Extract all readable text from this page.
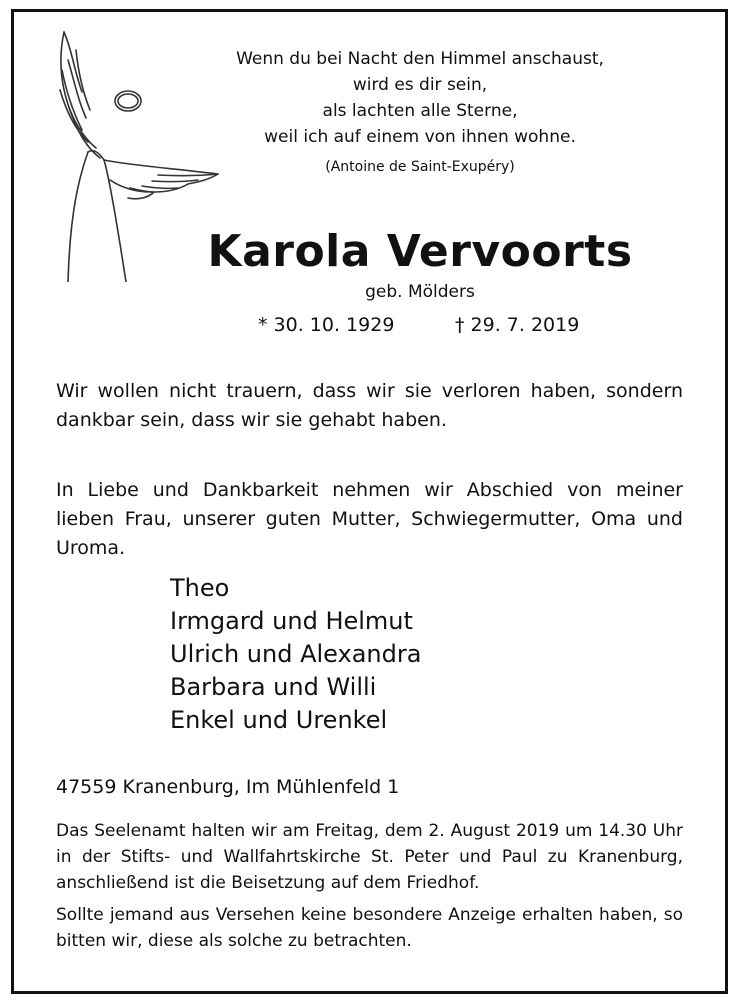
Wenn du bei Nacht den Himmel anschaust,
wird es dir sein,
als lachten alle Sterne,
weil ich auf einem von ihnen wohne.
(Antoine de Saint-Exupéry)
Karola Vervoorts
geb. Mölders
* 30. 10. 1929	† 29. 7. 2019
Wir wollen nicht trauern, dass wir sie verloren haben, sondern dankbar sein, dass wir sie gehabt haben.
In Liebe und Dankbarkeit nehmen wir Abschied von meiner lieben Frau, unserer guten Mutter, Schwiegermutter, Oma und Uroma.
Theo
Irmgard und Helmut
Ulrich und Alexandra
Barbara und Willi
Enkel und Urenkel
47559 Kranenburg, Im Mühlenfeld 1
Das Seelenamt halten wir am Freitag, dem 2. August 2019 um 14.30 Uhr in der Stifts- und Wallfahrtskirche St. Peter und Paul zu Kranenburg, anschließend ist die Beisetzung auf dem Friedhof.
Sollte jemand aus Versehen keine besondere Anzeige erhalten haben, so bitten wir, diese als solche zu betrachten.
